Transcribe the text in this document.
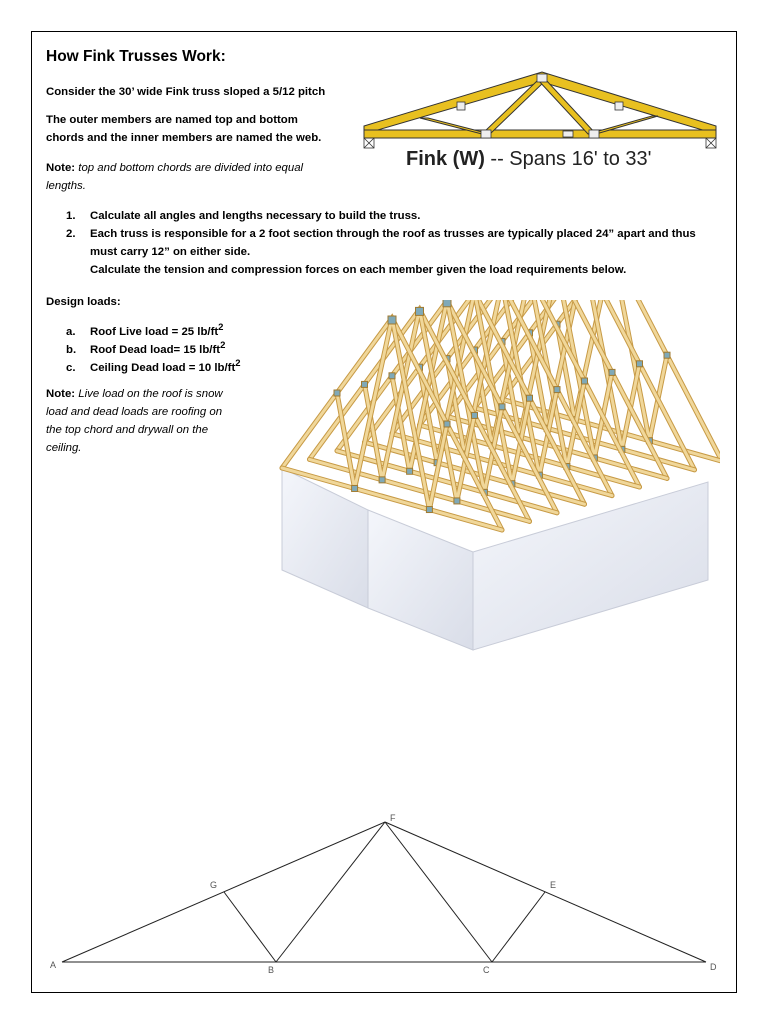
How Fink Trusses Work:
Consider the 30’ wide Fink truss sloped a 5/12 pitch
The outer members are named top and bottom
chords and the inner members are named the web.
Note: top and bottom chords are divided into equal
lengths.
1. Calculate all angles and lengths necessary to build the truss.
2. Each truss is responsible for a 2 foot section through the roof as trusses are typically placed 24” apart and thus
must carry 12” on either side.
Calculate the tension and compression forces on each member given the load requirements below.
Design loads:
a. Roof Live load = 25 $lb/ft^2$
b. Roof Dead load= 15 $lb/ft^2$
c. Ceiling Dead load = 10 $lb/ft^2$
Note: Live load on the roof is snow
load and dead loads are roofing on
the top chord and drywall on the
ceiling.
Fink (W) -- Spans 16' to 33'
A	B	C	D
E
F
G
